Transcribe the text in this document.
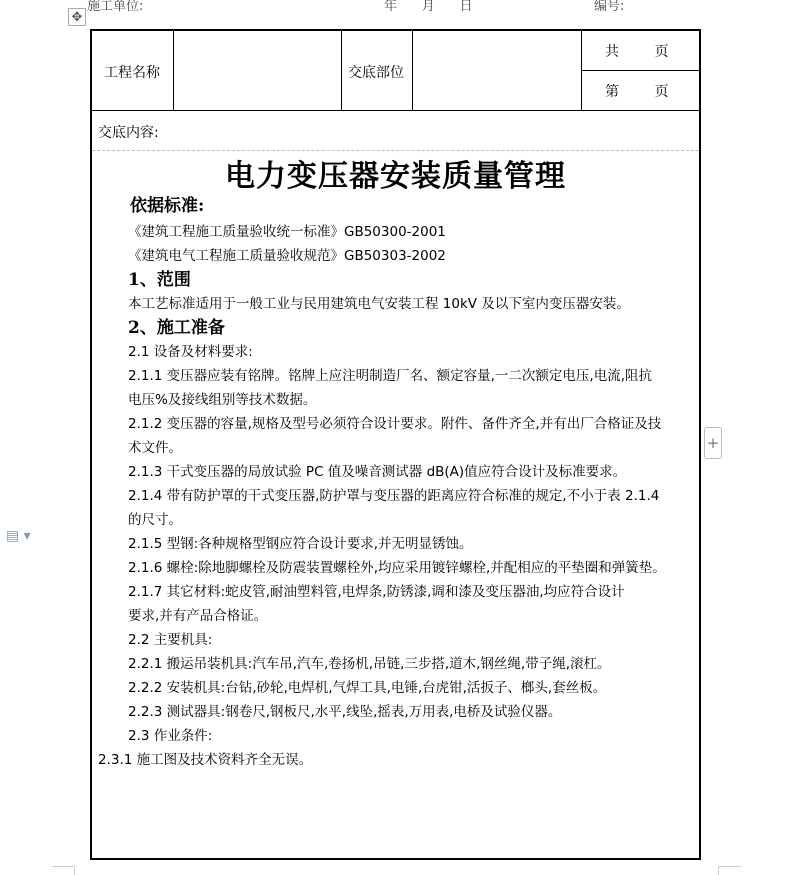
施工单位:	年      月      日	编号:
✥
▤ ▾
+
工程名称	交底部位
共        页
第        页
交底内容:
电力变压器安装质量管理
依据标准:
《建筑工程施工质量验收统一标准》GB50300-2001
《建筑电气工程施工质量验收规范》GB50303-2002
1、范围
本工艺标准适用于一般工业与民用建筑电气安装工程 10kV 及以下室内变压器安装。
2、施工准备
2.1 设备及材料要求:
2.1.1 变压器应装有铭牌。铭牌上应注明制造厂名、额定容量,一二次额定电压,电流,阻抗
电压%及接线组别等技术数据。
2.1.2 变压器的容量,规格及型号必须符合设计要求。附件、备件齐全,并有出厂合格证及技
术文件。
2.1.3 干式变压器的局放试验 PC 值及噪音测试器 dB(A)值应符合设计及标准要求。
2.1.4 带有防护罩的干式变压器,防护罩与变压器的距离应符合标准的规定,不小于表 2.1.4
的尺寸。
2.1.5 型钢:各种规格型钢应符合设计要求,并无明显锈蚀。
2.1.6 螺栓:除地脚螺栓及防震装置螺栓外,均应采用镀锌螺栓,并配相应的平垫圈和弹簧垫。
2.1.7 其它材料:蛇皮管,耐油塑料管,电焊条,防锈漆,调和漆及变压器油,均应符合设计
要求,并有产品合格证。
2.2 主要机具:
2.2.1 搬运吊装机具:汽车吊,汽车,卷扬机,吊链,三步搭,道木,钢丝绳,带子绳,滚杠。
2.2.2 安装机具:台钻,砂轮,电焊机,气焊工具,电锤,台虎钳,活扳子、榔头,套丝板。
2.2.3 测试器具:钢卷尺,钢板尺,水平,线坠,摇表,万用表,电桥及试验仪器。
2.3 作业条件:
2.3.1 施工图及技术资料齐全无误。
